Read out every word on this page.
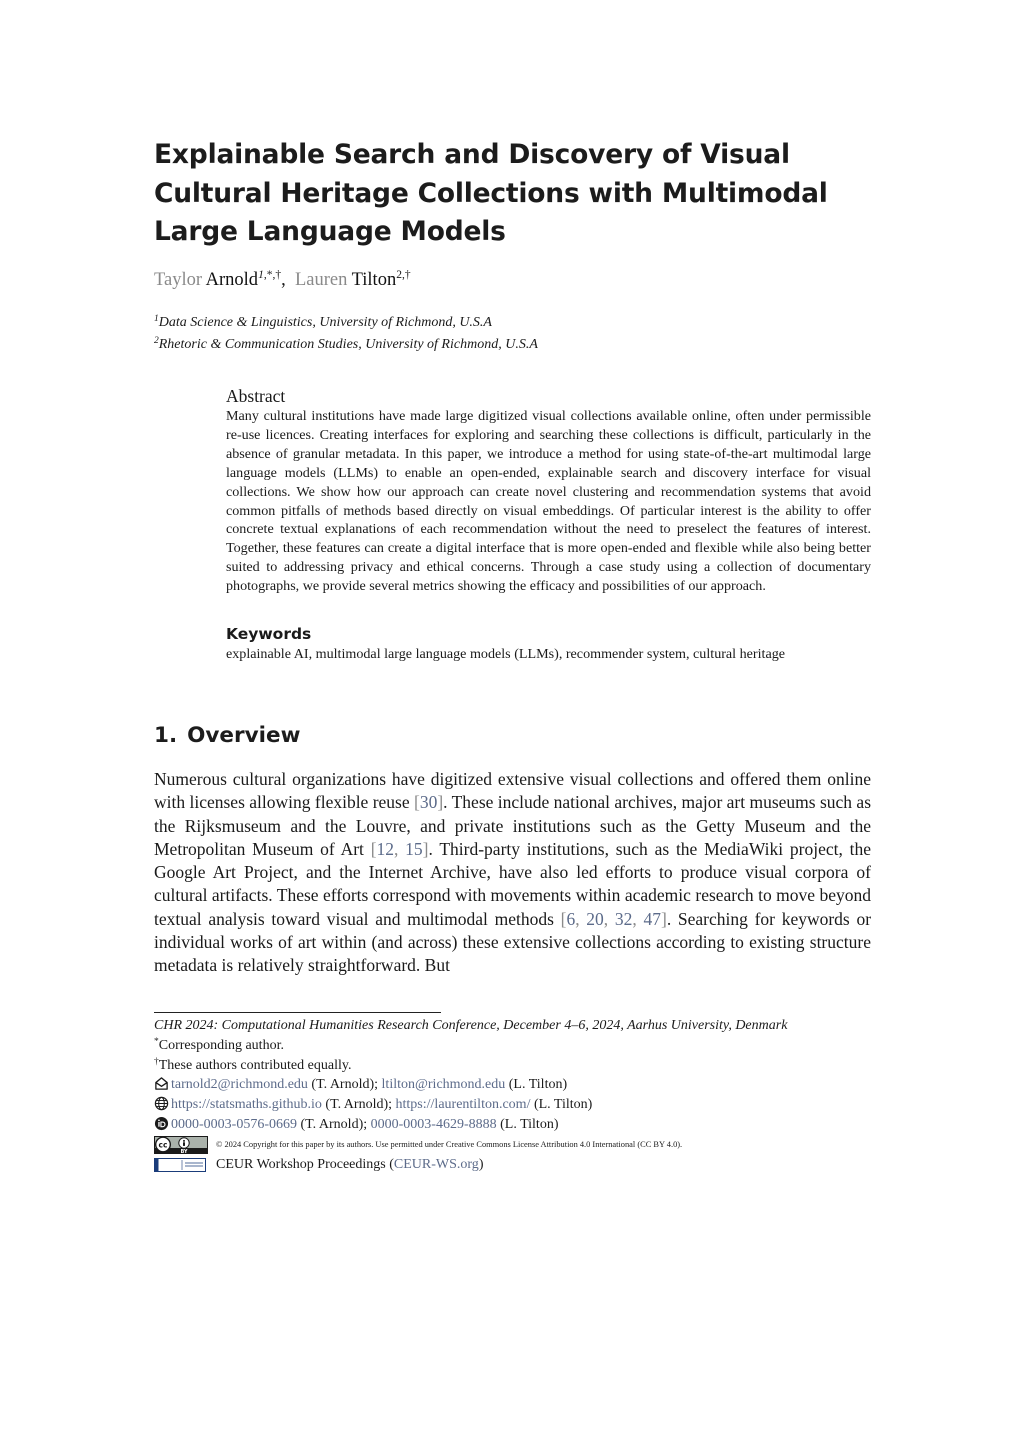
Explainable Search and Discovery of Visual Cultural Heritage Collections with Multimodal Large Language Models
Taylor Arnold$^{1,*,\dagger}$, Lauren Tilton$^{2,\dagger}$
$^1$Data Science & Linguistics, University of Richmond, U.S.A
$^2$Rhetoric & Communication Studies, University of Richmond, U.S.A
Abstract
Many cultural institutions have made large digitized visual collections available online, often under permissible re-use licences. Creating interfaces for exploring and searching these collections is difficult, particularly in the absence of granular metadata. In this paper, we introduce a method for using state-​of-the-art multimodal large language models (LLMs) to enable an open-ended, explainable search and discovery interface for visual collections. We show how our approach can create novel clustering and recommendation systems that avoid common pitfalls of methods based directly on visual embeddings. Of particular interest is the ability to offer concrete textual explanations of each recommendation without the need to preselect the features of interest. Together, these features can create a digital interface that is more open-ended and flexible while also being better suited to addressing privacy and ethical concerns. Through a case study using a collection of documentary photographs, we provide several metrics showing the efficacy and possibilities of our approach.
Keywords
explainable AI, multimodal large language models (LLMs), recommender system, cultural heritage
1. Overview
Numerous cultural organizations have digitized extensive visual collections and offered them online with licenses allowing flexible reuse [30]. These include national archives, major art museums such as the Rijksmuseum and the Louvre, and private institutions such as the Getty Museum and the Metropolitan Museum of Art [12, 15]. Third-party institutions, such as the MediaWiki project, the Google Art Project, and the Internet Archive, have also led efforts to produce visual corpora of cultural artifacts. These efforts correspond with movements within academic research to move beyond textual analysis toward visual and multimodal methods [6, 20, 32, 47]. Searching for keywords or individual works of art within (and across) these extensive collections according to existing structure metadata is relatively straightforward. But
CHR 2024: Computational Humanities Research Conference, December 4–6, 2024, Aarhus University, Denmark
*Corresponding author.
†These authors contributed equally.
tarnold2@richmond.edu (T. Arnold); ltilton@richmond.edu (L. Tilton)
https://statsmaths.github.io (T. Arnold); https://laurentilton.com/ (L. Tilton)
0000-0003-0576-0669 (T. Arnold); 0000-0003-4629-8888 (L. Tilton)
cc
BY
© 2024 Copyright for this paper by its authors. Use permitted under Creative Commons License Attribution 4.0 International (CC BY 4.0).
CEUR Workshop Proceedings (CEUR-WS.org)
